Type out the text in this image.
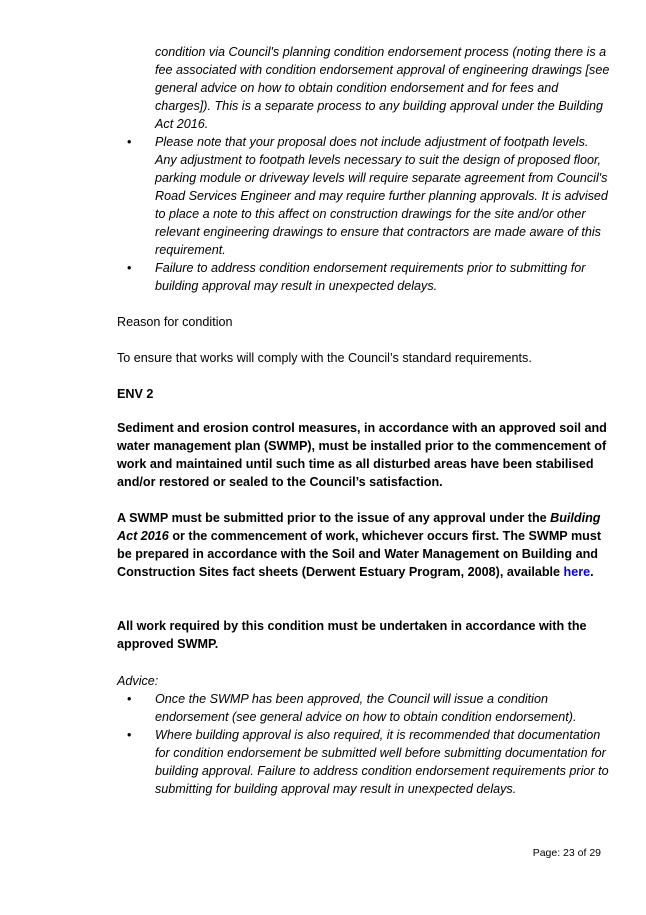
condition via Council's planning condition endorsement process (noting there is a fee associated with condition endorsement approval of engineering drawings [see general advice on how to obtain condition endorsement and for fees and charges]). This is a separate process to any building approval under the Building Act 2016.

• Please note that your proposal does not include adjustment of footpath levels. Any adjustment to footpath levels necessary to suit the design of proposed floor, parking module or driveway levels will require separate agreement from Council's Road Services Engineer and may require further planning approvals. It is advised to place a note to this affect on construction drawings for the site and/or other relevant engineering drawings to ensure that contractors are made aware of this requirement.

• Failure to address condition endorsement requirements prior to submitting for building approval may result in unexpected delays.

Reason for condition

To ensure that works will comply with the Council’s standard requirements.

ENV 2

Sediment and erosion control measures, in accordance with an approved soil and water management plan (SWMP), must be installed prior to the commencement of work and maintained until such time as all disturbed areas have been stabilised and/or restored or sealed to the Council’s satisfaction.

A SWMP must be submitted prior to the issue of any approval under the Building Act 2016 or the commencement of work, whichever occurs first. The SWMP must be prepared in accordance with the Soil and Water Management on Building and Construction Sites fact sheets (Derwent Estuary Program, 2008), available here.

All work required by this condition must be undertaken in accordance with the approved SWMP.

Advice:

• Once the SWMP has been approved, the Council will issue a condition endorsement (see general advice on how to obtain condition endorsement).

• Where building approval is also required, it is recommended that documentation for condition endorsement be submitted well before submitting documentation for building approval. Failure to address condition endorsement requirements prior to submitting for building approval may result in unexpected delays.

Page: 23 of 29
